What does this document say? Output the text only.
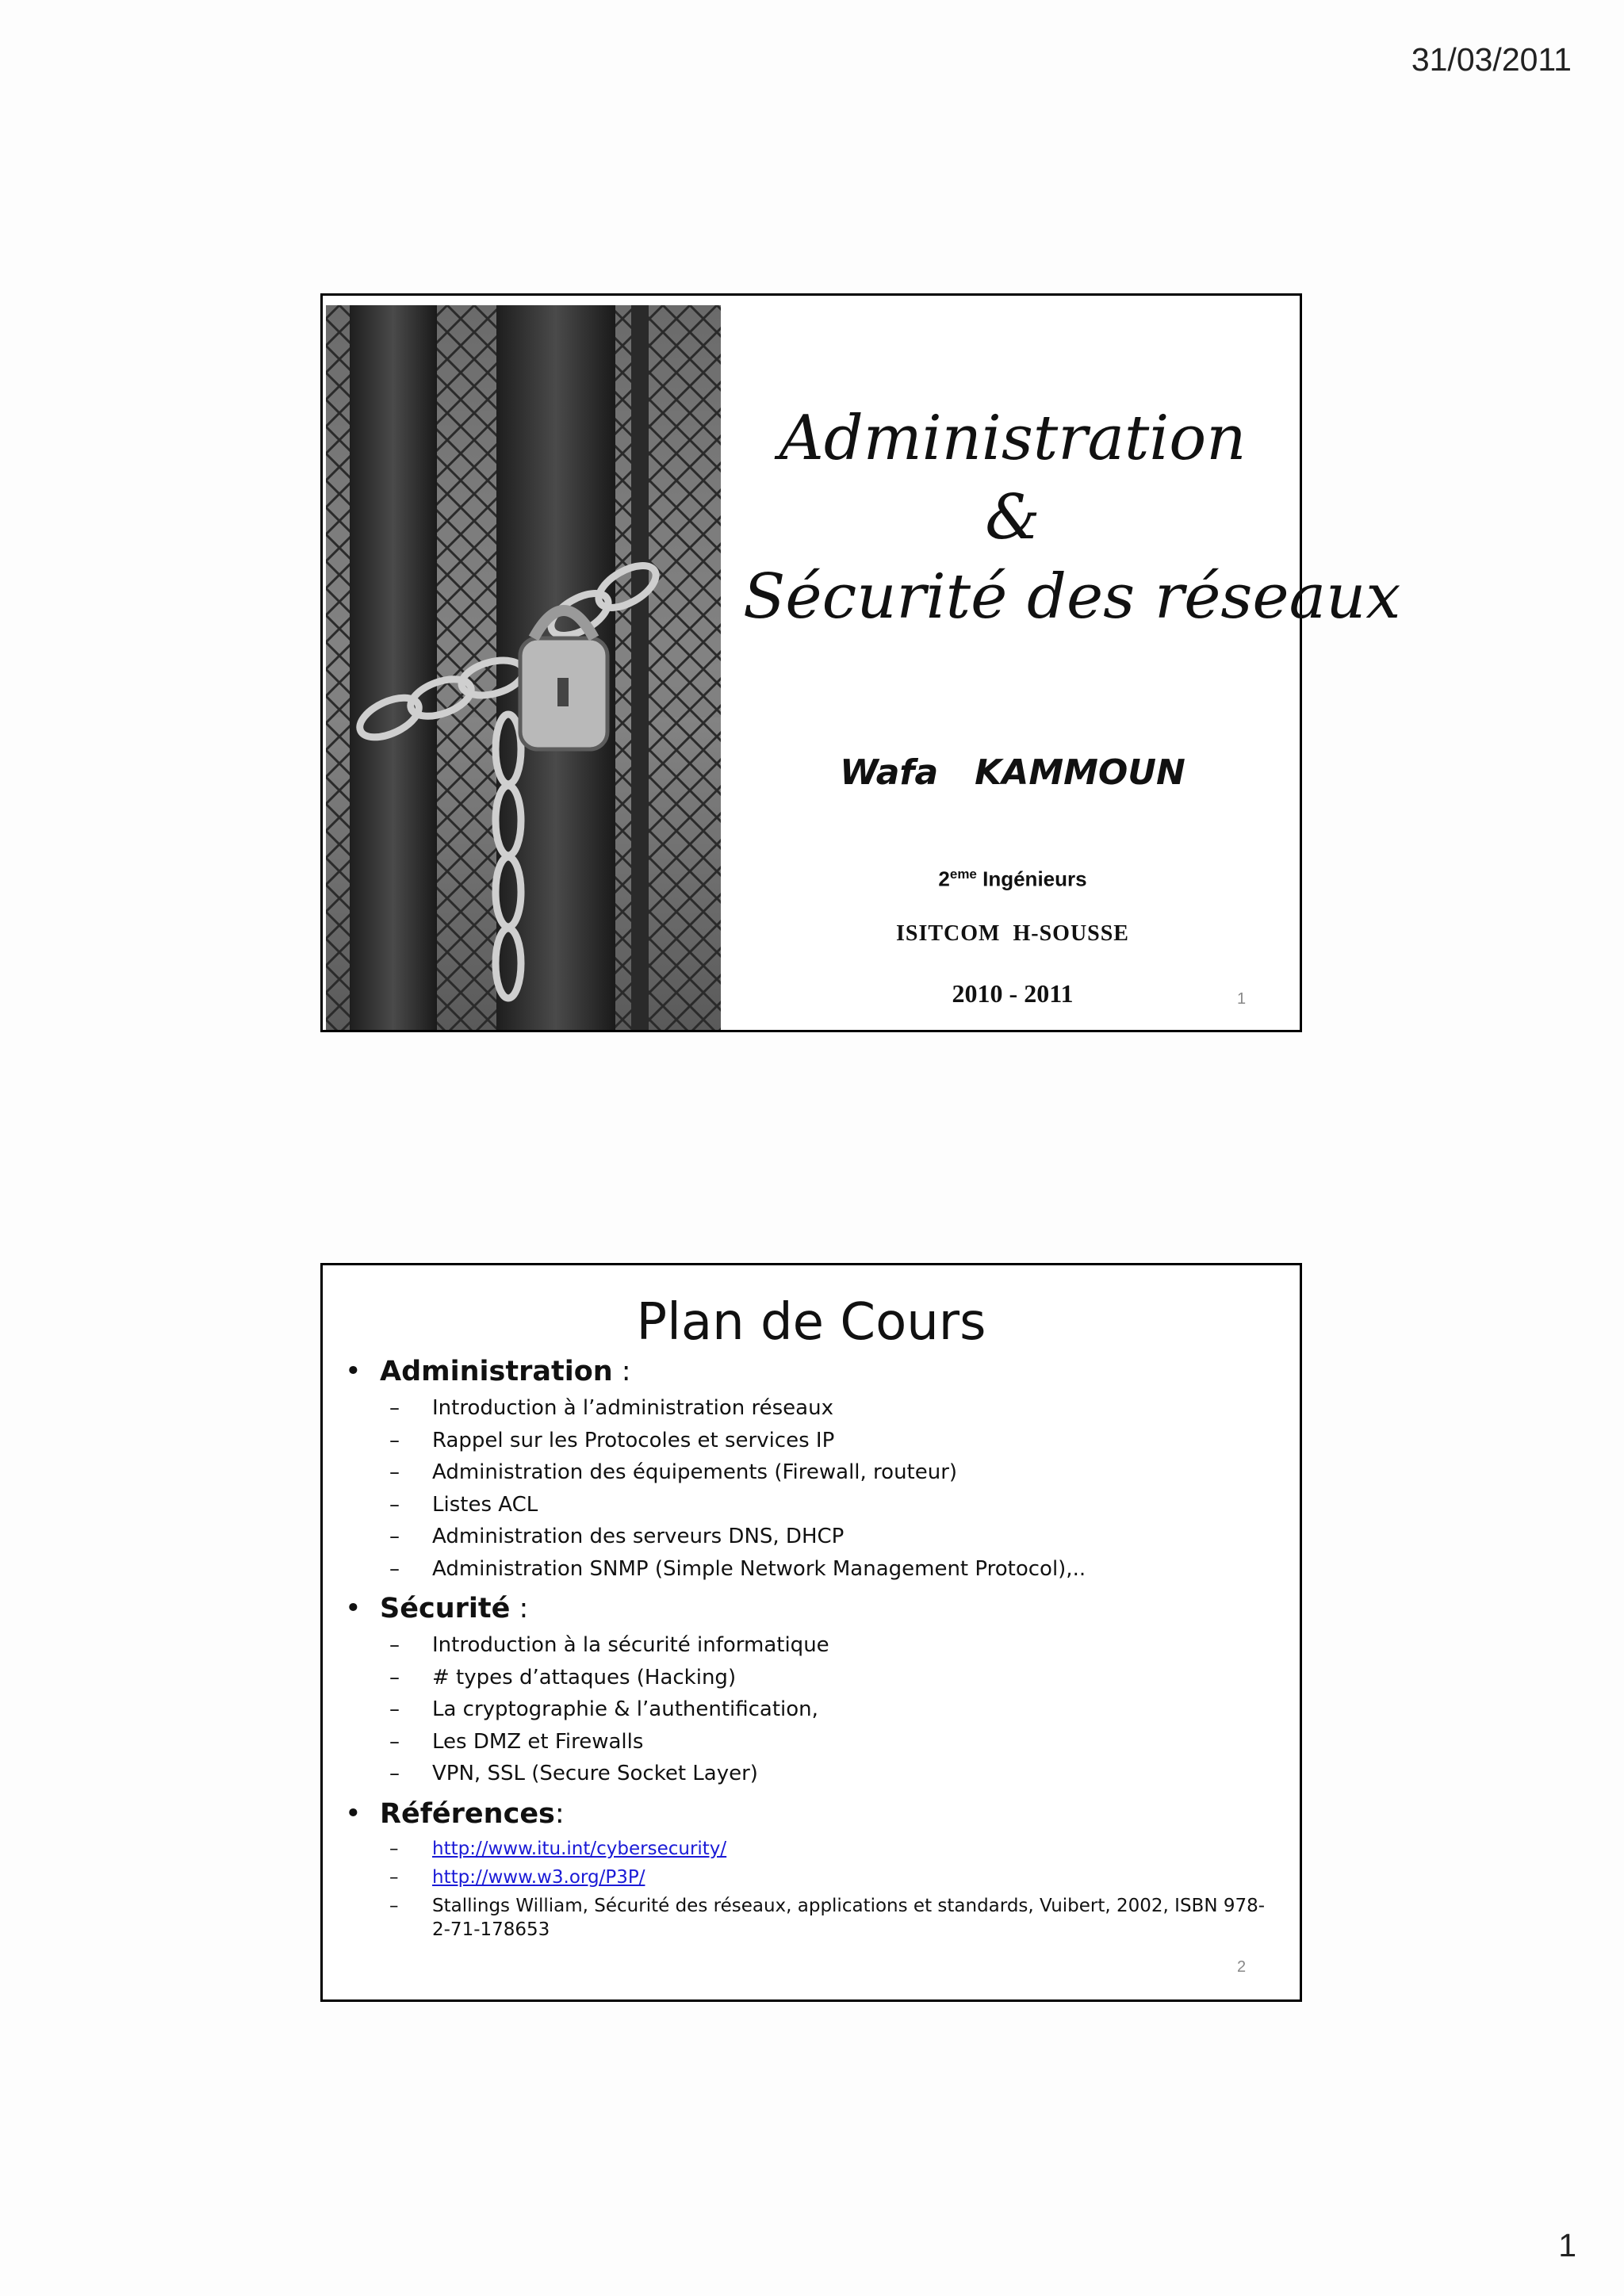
31/03/2011
Administration
&
Sécurité des réseaux
Wafa   KAMMOUN
2eme Ingénieurs
ISITCOM  H-SOUSSE
2010 - 2011	1
Plan de Cours

• Administration :

– Introduction à l’administration réseaux
– Rappel sur les Protocoles et services IP
– Administration des équipements (Firewall, routeur)
– Listes ACL
– Administration des serveurs DNS, DHCP
– Administration SNMP (Simple Network Management Protocol),..

• Sécurité :

– Introduction à la sécurité informatique
– # types d’attaques (Hacking)
– La cryptographie & l’authentification,
– Les DMZ et Firewalls
– VPN, SSL (Secure Socket Layer)

• Références:

– http://www.itu.int/cybersecurity/
– http://www.w3.org/P3P/
– Stallings William, Sécurité des réseaux, applications et standards, Vuibert, 2002, ISBN 978-2-71-178653
2
1
